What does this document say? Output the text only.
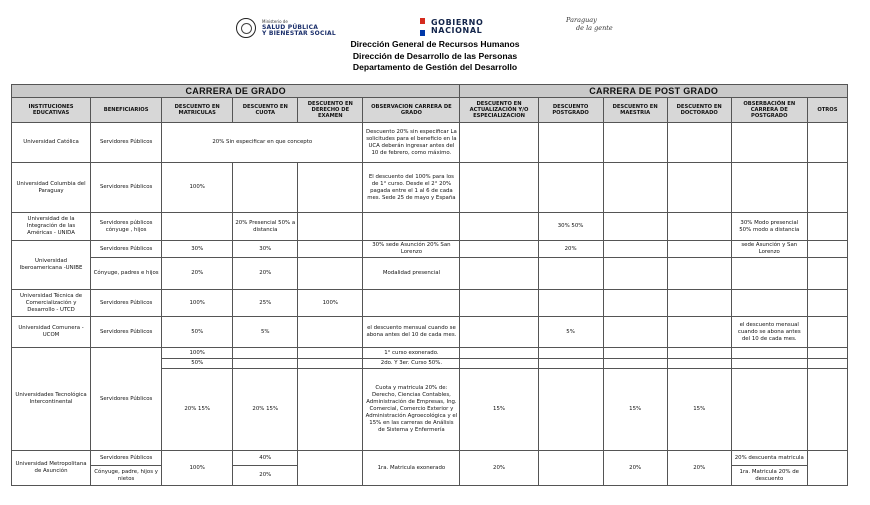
Ministerio de
SALUD PÚBLICA
Y BIENESTAR SOCIAL
GOBIERNO
NACIONAL
Paraguay
de la gente
Dirección General de Recursos Humanos
Dirección de Desarrollo de las Personas
Departamento de Gestión del Desarrollo
CARRERA DE GRADO						CARRERA DE POST GRADO					
INSTITUCIONES EDUCATIVAS	BENEFICIARIOS	DESCUENTO EN MATRICULAS	DESCUENTO EN CUOTA	DESCUENTO EN DERECHO DE EXAMEN	OBSERVACION CARRERA DE GRADO	DESCUENTO EN ACTUALIZACIÓN Y/O ESPECIALIZACION	DESCUENTO POSTGRADO	DESCUENTO EN MAESTRIA	DESCUENTO EN DOCTORADO	OBSERBACIÓN EN CARRERA DE POSTGRADO	OTROS
Universidad Católica	Servidores Públicos	20% Sin especificar en que concepto			Descuento 20% sin especificar La solicitudes para el beneficio en la UCA deberán ingresar antes del 10 de febrero, como máximo.						
Universidad Columbia del Paraguay	Servidores Públicos	100%			El descuento del 100% para los de 1° curso. Desde el 2° 20% pagada entre el 1 al 6 de cada mes. Sede 25 de mayo y España						
Universidad de la Integración de las Américas - UNIDA	Servidores públicos cónyuge , hijos		20% Presencial 50% a distancia				30% 50%			30% Modo presencial 50% modo a distancia	
Universidad Iberoamericana -UNIBE	Servidores Públicos	30%	30%		30% sede Asunción 20% San Lorenzo		20%			sede Asunción y San Lorenzo	
	Cónyuge, padres e hijos	20%	20%		Modalidad presencial						
Universidad Técnica de Comercialización y Desarrollo - UTCD	Servidores Públicos	100%	25%	100%							
Universidad Comunera - UCOM	Servidores Públicos	50%	5%		el descuento mensual cuando se abona antes del 10 de cada mes.		5%			el descuento mensual cuando se abona antes del 10 de cada mes.	
Universidades Tecnológica Intercontinental	Servidores Públicos	100%			1° curso exonerado.						
		50%			2do. Y 3er. Curso 50%.						
		20% 15%	20% 15%		Cuota y matricula 20% de: Derecho, Ciencias Contables, Administración de Empresas, Ing. Comercial, Comercio Exterior y Administración Agroecológica y el 15% en las carreras de Análisis de Sistema y Enfermería	15%		15%	15%		
Universidad Metropolitana de Asunción	Servidores Públicos	100%	40%		1ra. Matricula exonerado	20%		20%	20%	20% descuenta matricula	
	Cónyuge, padre, hijos y nietos		20%							1ra. Matricula 20% de descuento	
